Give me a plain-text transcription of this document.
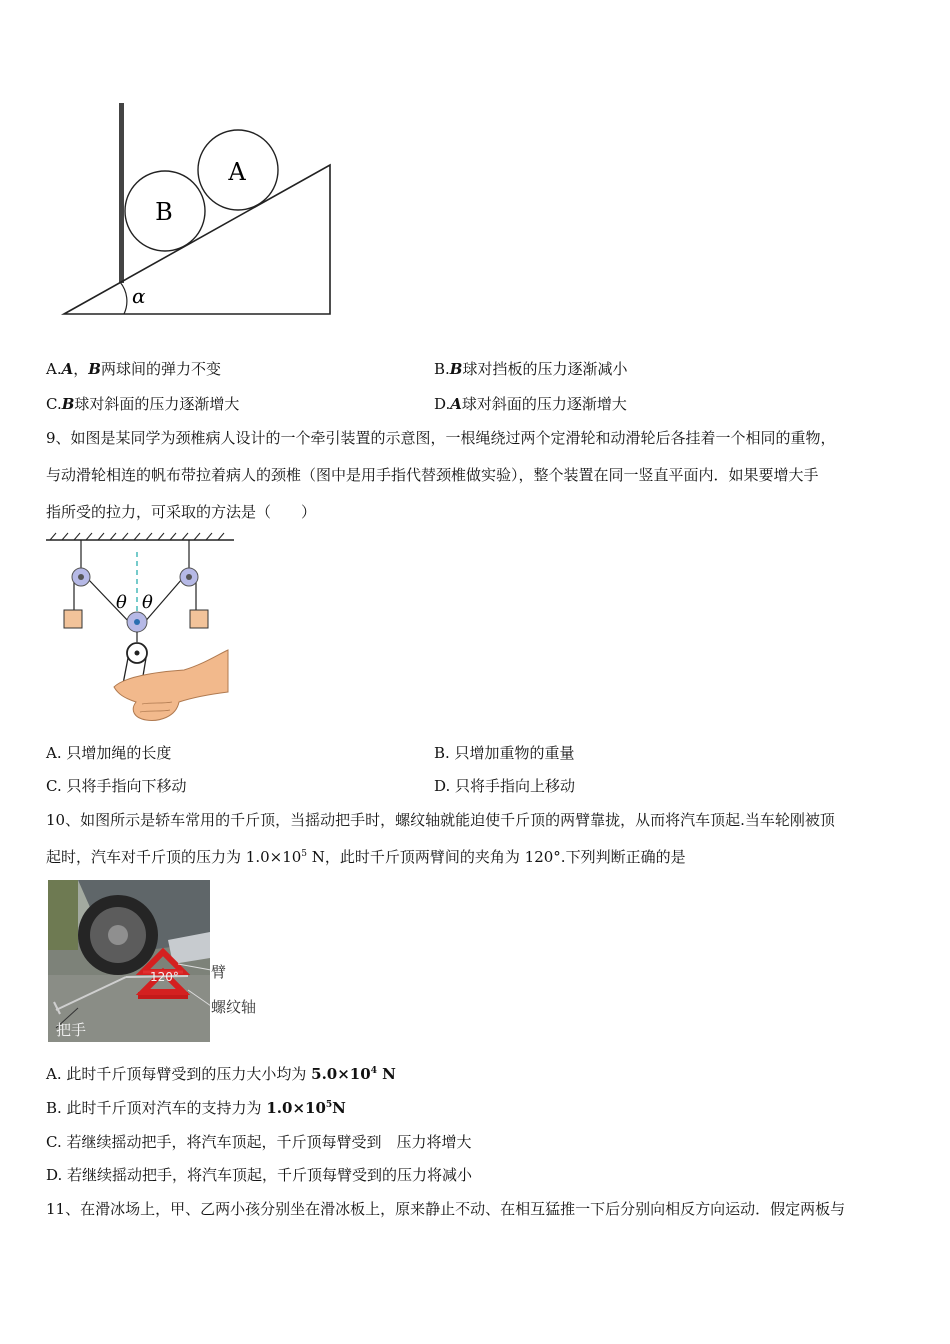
A
B
α
A.A，B两球间的弹力不变	B.B球对挡板的压力逐渐减小
C.B球对斜面的压力逐渐增大	D.A球对斜面的压力逐渐增大
9、如图是某同学为颈椎病人设计的一个牵引装置的示意图，一根绳绕过两个定滑轮和动滑轮后各挂着一个相同的重物，
与动滑轮相连的帆布带拉着病人的颈椎（图中是用手指代替颈椎做实验），整个装置在同一竖直平面内．如果要增大手
指所受的拉力，可采取的方法是（　　）
θ θ
A. 只增加绳的长度	B. 只增加重物的重量
C. 只将手指向下移动	D. 只将手指向上移动
10、如图所示是轿车常用的千斤顶，当摇动把手时，螺纹轴就能迫使千斤顶的两臂靠拢，从而将汽车顶起.当车轮刚被顶
起时，汽车对千斤顶的压力为 $1.0\times 10^5$ N，此时千斤顶两臂间的夹角为 120°.下列判断正确的是
120° 臂
螺纹轴
把手
A. 此时千斤顶每臂受到的压力大小均为 $5.0\times 10^4$ N
B. 此时千斤顶对汽车的支持力为 $1.0\times 10^5N$
C. 若继续摇动把手，将汽车顶起，千斤顶每臂受到　压力将增大
D. 若继续摇动把手，将汽车顶起，千斤顶每臂受到的压力将减小
11、在滑冰场上，甲、乙两小孩分别坐在滑冰板上，原来静止不动、在相互猛推一下后分别向相反方向运动．假定两板与
